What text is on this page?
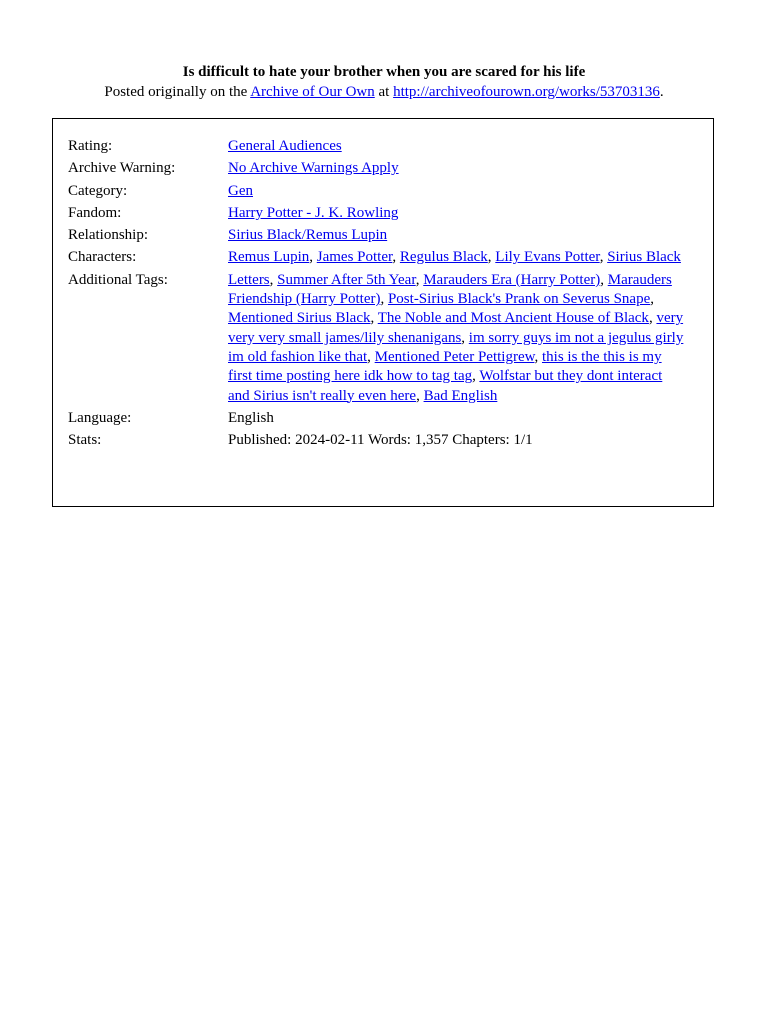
Is difficult to hate your brother when you are scared for his life
Posted originally on the Archive of Our Own at http://archiveofourown.org/works/53703136.
Rating:	General Audiences
Archive Warning:	No Archive Warnings Apply
Category:	Gen
Fandom:	Harry Potter - J. K. Rowling
Relationship:	Sirius Black/Remus Lupin
Characters:	Remus Lupin, James Potter, Regulus Black, Lily Evans Potter, Sirius Black
Additional Tags:	Letters, Summer After 5th Year, Marauders Era (Harry Potter), Marauders Friendship (Harry Potter), Post-Sirius Black's Prank on Severus Snape, Mentioned Sirius Black, The Noble and Most Ancient House of Black, very very very small james/lily shenanigans, im sorry guys im not a jegulus girly im old fashion like that, Mentioned Peter Pettigrew, this is the this is my first time posting here idk how to tag tag, Wolfstar but they dont interact and Sirius isn't really even here, Bad English
Language:	English
Stats:	Published: 2024-02-11 Words: 1,357 Chapters: 1/1
